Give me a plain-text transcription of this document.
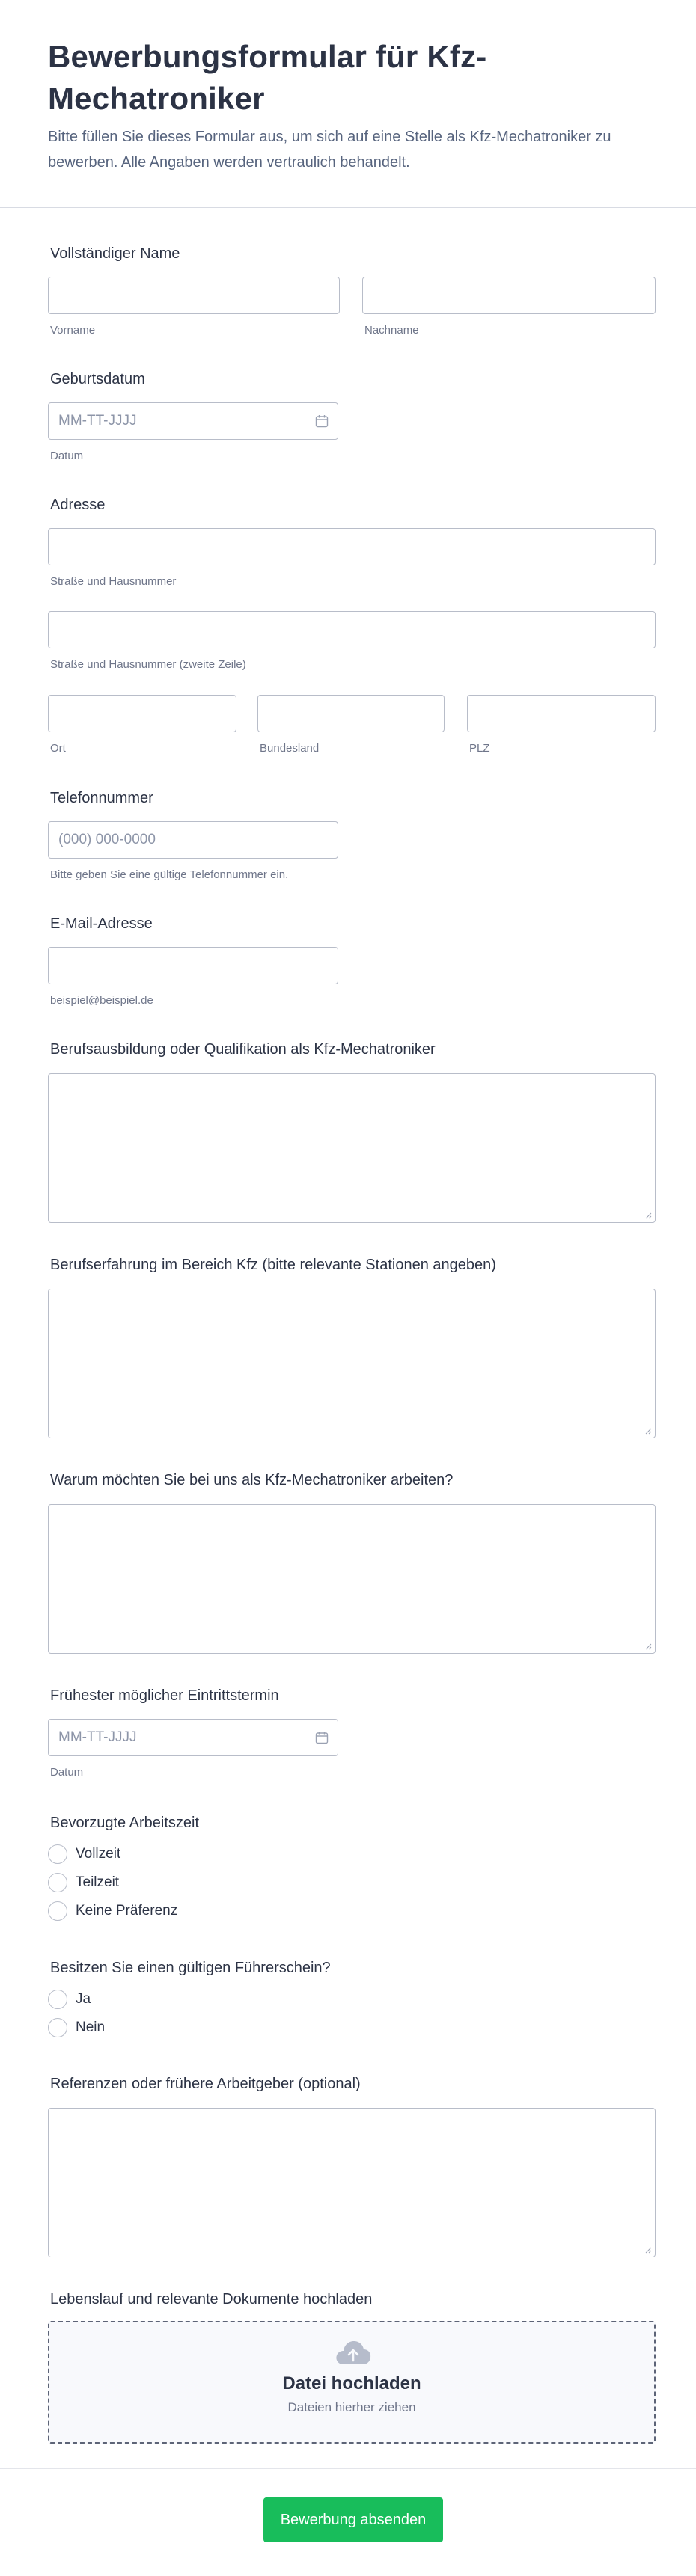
Bewerbungsformular für Kfz-
Mechatroniker
Bitte füllen Sie dieses Formular aus, um sich auf eine Stelle als Kfz-Mechatroniker zu
bewerben. Alle Angaben werden vertraulich behandelt.
Vollständiger Name
Vorname	Nachname
Geburtsdatum
MM-TT-JJJJ
Datum
Adresse
Straße und Hausnummer
Straße und Hausnummer (zweite Zeile)
Ort	Bundesland	PLZ
Telefonnummer
(000) 000-0000
Bitte geben Sie eine gültige Telefonnummer ein.
E-Mail-Adresse
beispiel@beispiel.de
Berufsausbildung oder Qualifikation als Kfz-Mechatroniker
Berufserfahrung im Bereich Kfz (bitte relevante Stationen angeben)
Warum möchten Sie bei uns als Kfz-Mechatroniker arbeiten?
Frühester möglicher Eintrittstermin
MM-TT-JJJJ
Datum
Bevorzugte Arbeitszeit
Vollzeit
Teilzeit
Keine Präferenz
Besitzen Sie einen gültigen Führerschein?
Ja
Nein
Referenzen oder frühere Arbeitgeber (optional)
Lebenslauf und relevante Dokumente hochladen
Datei hochladen
Dateien hierher ziehen
Bewerbung absenden
